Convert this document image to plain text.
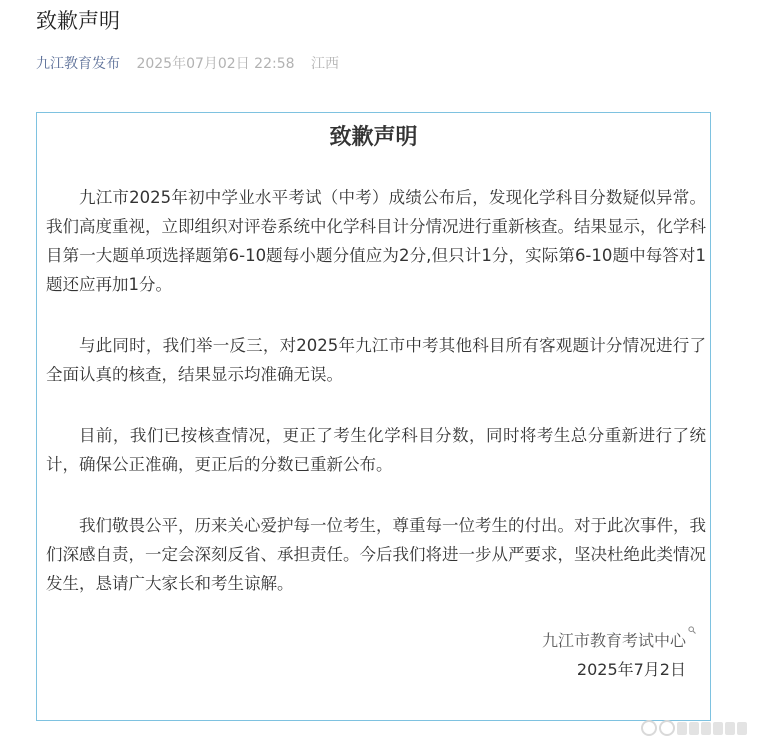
致歉声明
九江教育发布 2025年07月02日 22:58 江西
致歉声明

九江市2025年初中学业水平考试（中考）成绩公布后，发现化学科目分数疑似异常。我们高度重视，立即组织对评卷系统中化学科目计分情况进行重新核查。结果显示，化学科目第一大题单项选择题第6-10题每小题分值应为2分,但只计1分，实际第6-10题中每答对1题还应再加1分。

与此同时，我们举一反三，对2025年九江市中考其他科目所有客观题计分情况进行了全面认真的核查，结果显示均准确无误。

目前，我们已按核查情况，更正了考生化学科目分数，同时将考生总分重新进行了统计，确保公正准确，更正后的分数已重新公布。

我们敬畏公平，历来关心爱护每一位考生，尊重每一位考生的付出。对于此次事件，我们深感自责，一定会深刻反省、承担责任。今后我们将进一步从严要求，坚决杜绝此类情况发生，恳请广大家长和考生谅解。

九江市教育考试中心
2025年7月2日
